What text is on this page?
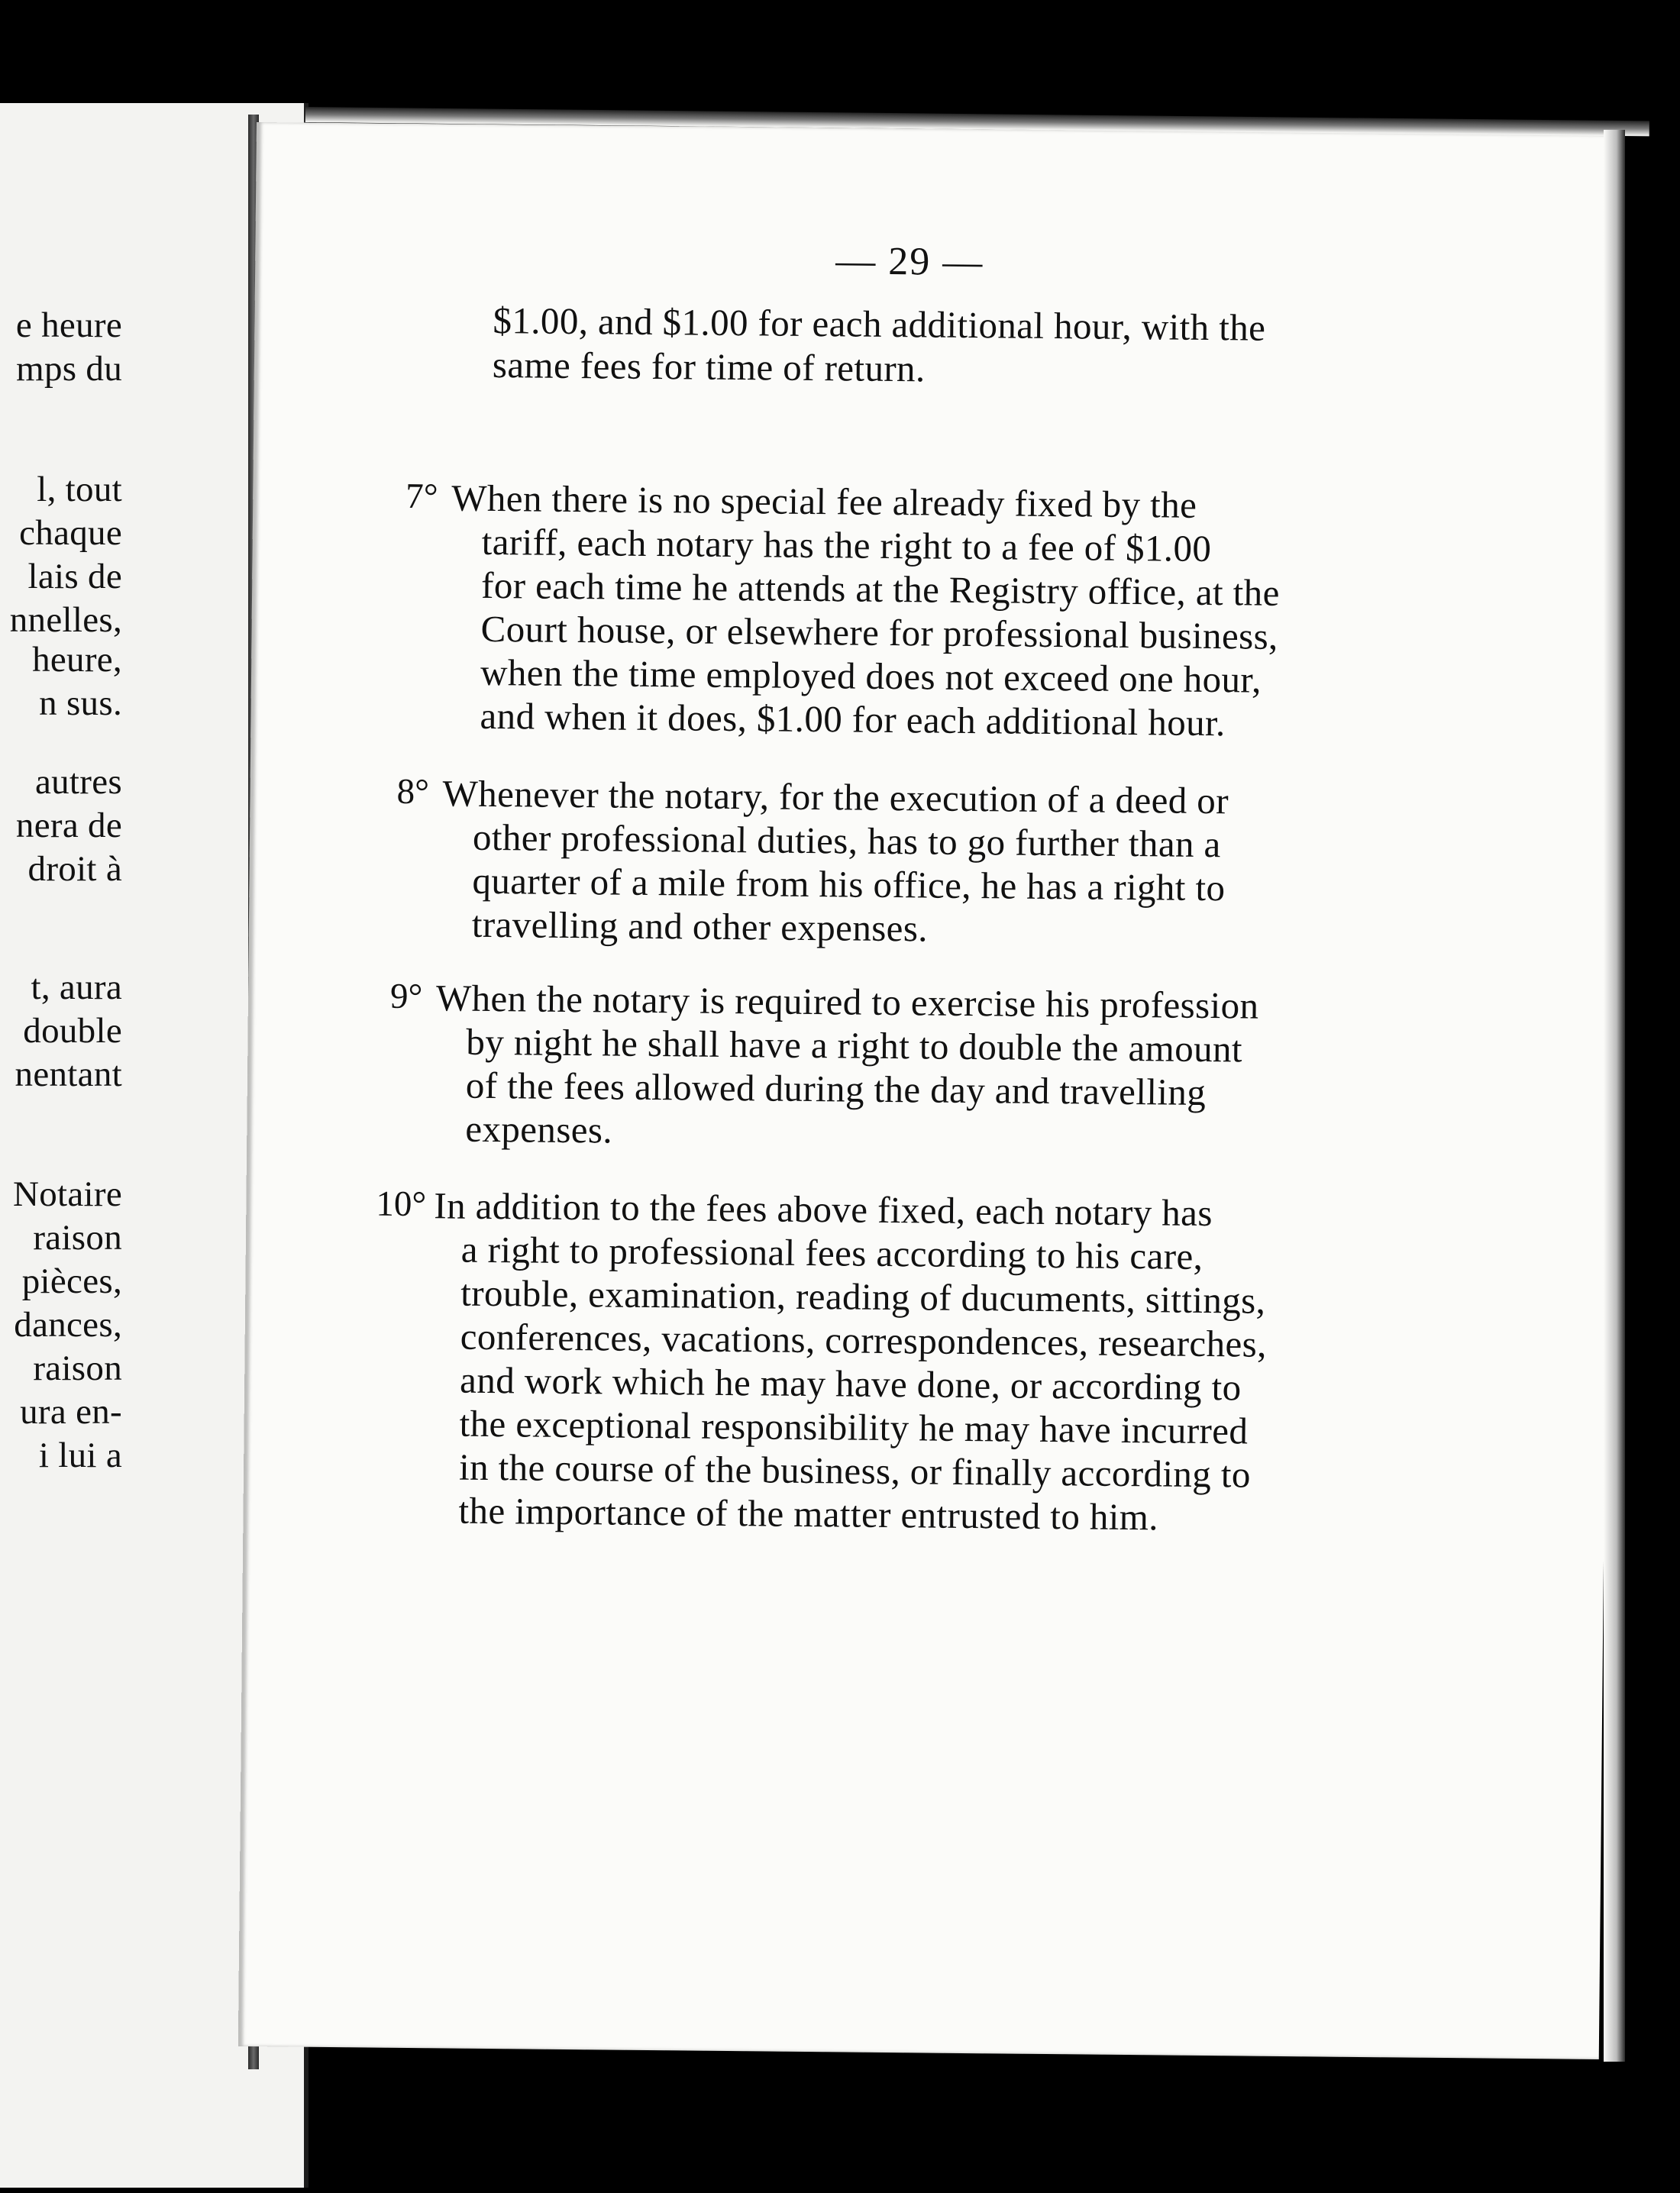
e heure
mps du
l, tout
chaque
lais de
nnelles,
heure,
n sus.
autres
nera de
droit à
t, aura
double
nentant
Notaire
raison
pièces,
dances,
raison
ura en-
i lui a
— 29 —
$1.00, and $1.00 for each additional hour, with the
same fees for time of return.
7° When there is no special fee already fixed by the
tariff, each notary has the right to a fee of $1.00
for each time he attends at the Registry office, at the
Court house, or elsewhere for professional business,
when the time employed does not exceed one hour,
and when it does, $1.00 for each additional hour.
8° Whenever the notary, for the execution of a deed or
other professional duties, has to go further than a
quarter of a mile from his office, he has a right to
travelling and other expenses.
9° When the notary is required to exercise his profession
by night he shall have a right to double the amount
of the fees allowed during the day and travelling
expenses.
10° In addition to the fees above fixed, each notary has
a right to professional fees according to his care,
trouble, examination, reading of ducuments, sittings,
conferences, vacations, correspondences, researches,
and work which he may have done, or according to
the exceptional responsibility he may have incurred
in the course of the business, or finally according to
the importance of the matter entrusted to him.
